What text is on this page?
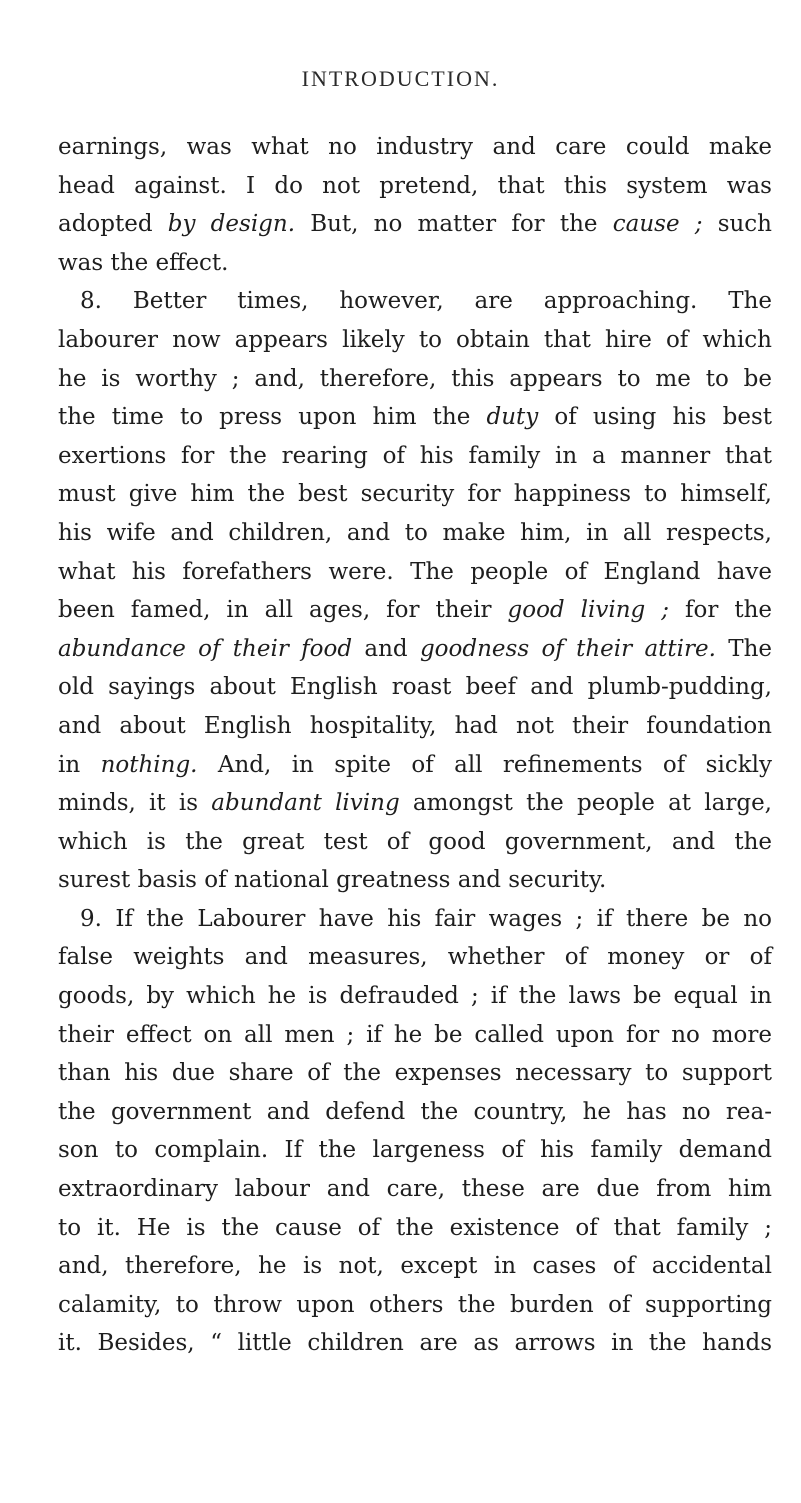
INTRODUCTION.
earnings, was what no industry and care could make
head against. I do not pretend, that this system was
adopted by design. But, no matter for the cause ; such
was the effect.
8. Better times, however, are approaching. The
labourer now appears likely to obtain that hire of which
he is worthy ; and, therefore, this appears to me to be
the time to press upon him the duty of using his best
exertions for the rearing of his family in a manner that
must give him the best security for happiness to himself,
his wife and children, and to make him, in all respects,
what his forefathers were. The people of England have
been famed, in all ages, for their good living ; for the
abundance of their food and goodness of their attire. The
old sayings about English roast beef and plumb-pudding,
and about English hospitality, had not their foundation
in nothing. And, in spite of all refinements of sickly
minds, it is abundant living amongst the people at large,
which is the great test of good government, and the
surest basis of national greatness and security.
9. If the Labourer have his fair wages ; if there be no
false weights and measures, whether of money or of
goods, by which he is defrauded ; if the laws be equal in
their effect on all men ; if he be called upon for no more
than his due share of the expenses necessary to support
the government and defend the country, he has no rea-
son to complain. If the largeness of his family demand
extraordinary labour and care, these are due from him
to it. He is the cause of the existence of that family ;
and, therefore, he is not, except in cases of accidental
calamity, to throw upon others the burden of supporting
it. Besides, “ little children are as arrows in the hands
